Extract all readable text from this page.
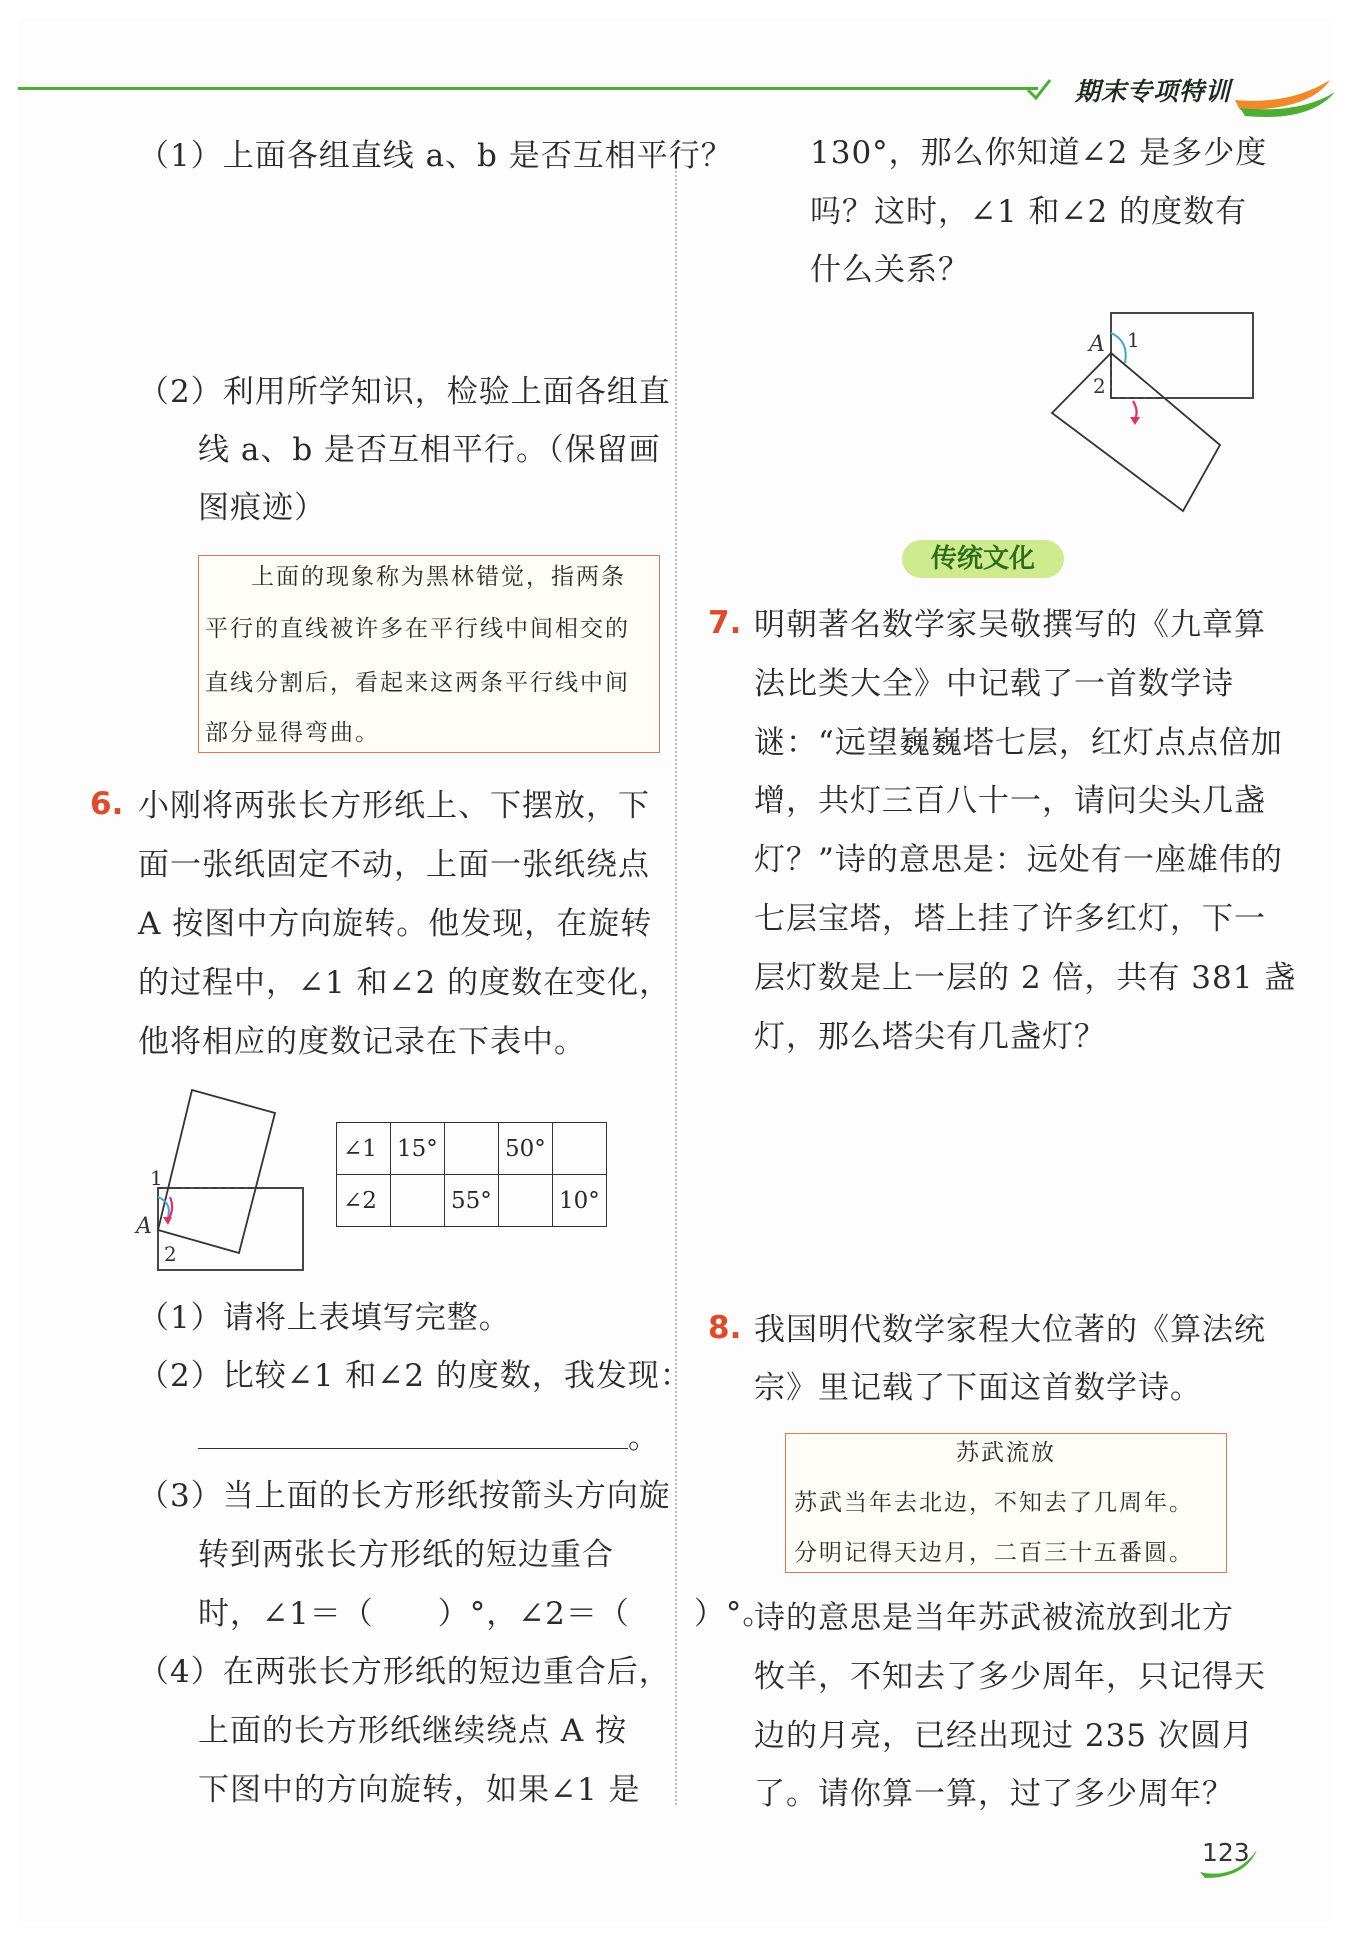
期末专项特训
（1）上面各组直线 a、b 是否互相平行？
（2）利用所学知识，检验上面各组直
线 a、b 是否互相平行。（保留画
图痕迹）
上面的现象称为黑林错觉，指两条
平行的直线被许多在平行线中间相交的
直线分割后，看起来这两条平行线中间
部分显得弯曲。
6. 小刚将两张长方形纸上、下摆放，下
面一张纸固定不动，上面一张纸绕点
A 按图中方向旋转。他发现，在旋转
的过程中，∠1 和∠2 的度数在变化，
他将相应的度数记录在下表中。
1
A
2
∠1	15°		50°	
∠2		55°		10°
（1）请将上表填写完整。
（2）比较∠1 和∠2 的度数，我发现：
。
（3）当上面的长方形纸按箭头方向旋
转到两张长方形纸的短边重合
时，∠1＝（　　）°，∠2＝（　　）°。
（4）在两张长方形纸的短边重合后，
上面的长方形纸继续绕点 A 按
下图中的方向旋转，如果∠1 是
130°，那么你知道∠2 是多少度
吗？这时，∠1 和∠2 的度数有
什么关系？
A 1
2
传统文化
7. 明朝著名数学家吴敬撰写的《九章算
法比类大全》中记载了一首数学诗
谜：“远望巍巍塔七层，红灯点点倍加
增，共灯三百八十一，请问尖头几盏
灯？”诗的意思是：远处有一座雄伟的
七层宝塔，塔上挂了许多红灯，下一
层灯数是上一层的 2 倍，共有 381 盏
灯，那么塔尖有几盏灯？
8. 我国明代数学家程大位著的《算法统
宗》里记载了下面这首数学诗。
苏武流放
苏武当年去北边，不知去了几周年。
分明记得天边月，二百三十五番圆。
诗的意思是当年苏武被流放到北方
牧羊，不知去了多少周年，只记得天
边的月亮，已经出现过 235 次圆月
了。请你算一算，过了多少周年？
123
